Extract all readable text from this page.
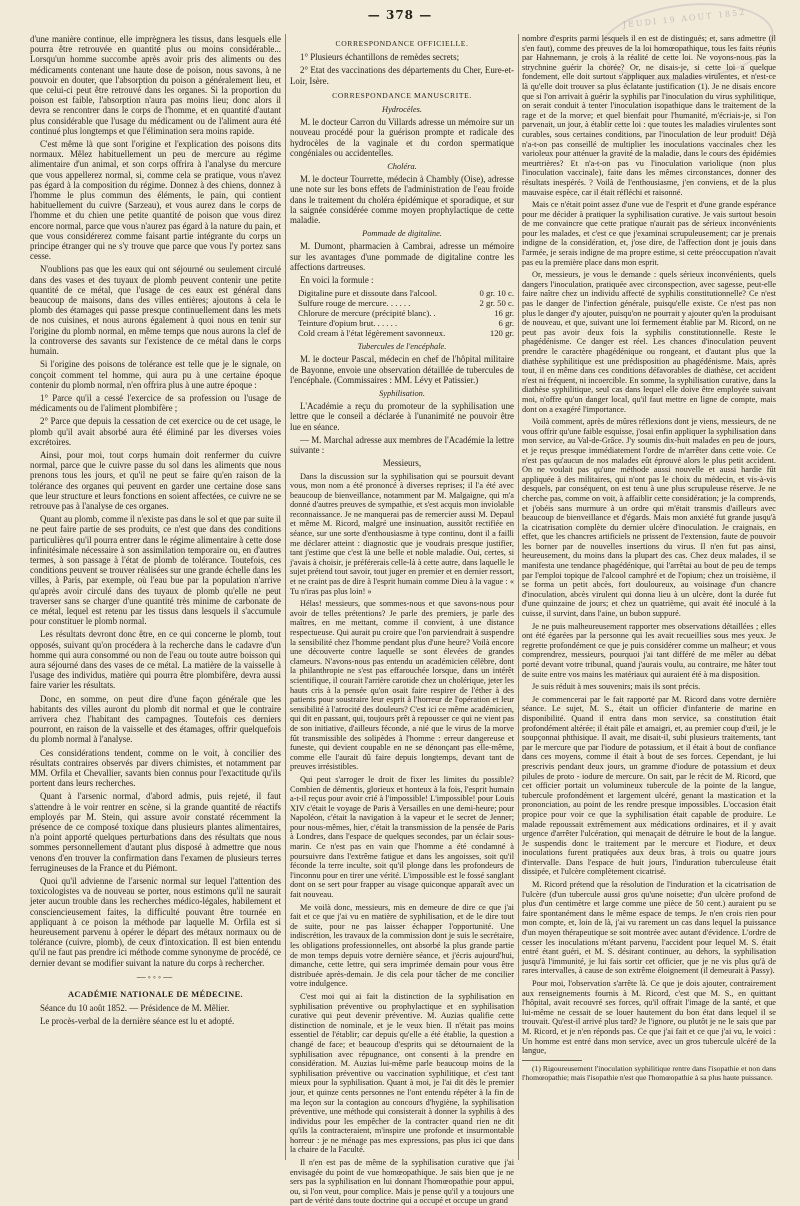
JEUDI 19 AOUT 1852
— 378 —

d'une manière continue, elle imprègnera les tissus, dans lesquels elle pourra être retrouvée en quantité plus ou moins considérable... Lorsqu'un homme succombe après avoir pris des aliments ou des médicaments contenant une haute dose de poison, nous savons, à ne pouvoir en douter, que l'absorption du poison a généralement lieu, et que celui-ci peut être retrouvé dans les organes. Si la proportion du poison est faible, l'absorption n'aura pas moins lieu; donc alors il devra se rencontrer dans le corps de l'homme, et en quantité d'autant plus considérable que l'usage du médicament ou de l'aliment aura été continué plus longtemps et que l'élimination sera moins rapide.

C'est même là que sont l'origine et l'explication des poisons dits normaux. Mêlez habituellement un peu de mercure au régime alimentaire d'un animal, et son corps offrira à l'analyse du mercure que vous appellerez normal, si, comme cela se pratique, vous n'avez pas égard à la composition du régime. Donnez à des chiens, donnez à l'homme le plus commun des éléments, le pain, qui contient habituellement du cuivre (Sarzeau), et vous aurez dans le corps de l'homme et du chien une petite quantité de poison que vous direz encore normal, parce que vous n'aurez pas égard à la nature du pain, et que vous considérerez comme faisant partie intégrante du corps un principe étranger qui ne s'y trouve que parce que vous l'y portez sans cesse.

N'oublions pas que les eaux qui ont séjourné ou seulement circulé dans des vases et des tuyaux de plomb peuvent contenir une petite quantité de ce métal, que l'usage de ces eaux est général dans beaucoup de maisons, dans des villes entières; ajoutons à cela le plomb des étamages qui passe presque continuellement dans les mets de nos cuisines, et nous aurons également à quoi nous en tenir sur l'origine du plomb normal, en même temps que nous aurons la clef de la controverse des savants sur l'existence de ce métal dans le corps humain.

Si l'origine des poisons de tolérance est telle que je le signale, on conçoit comment tel homme, qui aura pu à une certaine époque contenir du plomb normal, n'en offrira plus à une autre époque :

1° Parce qu'il a cessé l'exercice de sa profession ou l'usage de médicaments ou de l'aliment plombifère ;

2° Parce que depuis la cessation de cet exercice ou de cet usage, le plomb qu'il avait absorbé aura été éliminé par les diverses voies excrétoires.

Ainsi, pour moi, tout corps humain doit renfermer du cuivre normal, parce que le cuivre passe du sol dans les aliments que nous prenons tous les jours, et qu'il ne peut se faire qu'en raison de la tolérance des organes qui peuvent en garder une certaine dose sans que leur structure et leurs fonctions en soient affectées, ce cuivre ne se retrouve pas à l'analyse de ces organes.

Quant au plomb, comme il n'existe pas dans le sol et que par suite il ne peut faire partie de ses produits, ce n'est que dans des conditions particulières qu'il pourra entrer dans le régime alimentaire à cette dose infinitésimale nécessaire à son assimilation temporaire ou, en d'autres termes, à son passage à l'état de plomb de tolérance. Toutefois, ces conditions peuvent se trouver réalisées sur une grande échelle dans les villes, à Paris, par exemple, où l'eau bue par la population n'arrive qu'après avoir circulé dans des tuyaux de plomb qu'elle ne peut traverser sans se charger d'une quantité très minime de carbonate de ce métal, lequel est retenu par les tissus dans lesquels il s'accumule pour constituer le plomb normal.

Les résultats devront donc être, en ce qui concerne le plomb, tout opposés, suivant qu'on procédera à la recherche dans le cadavre d'un homme qui aura consommé ou non de l'eau ou toute autre boisson qui aura séjourné dans des vases de ce métal. La matière de la vaisselle à l'usage des individus, matière qui pourra être plombifère, devra aussi faire varier les résultats.

Donc, en somme, on peut dire d'une façon générale que les habitants des villes auront du plomb dit normal et que le contraire arrivera chez l'habitant des campagnes. Toutefois ces derniers pourront, en raison de la vaisselle et des étamages, offrir quelquefois du plomb normal à l'analyse.

Ces considérations tendent, comme on le voit, à concilier des résultats contraires observés par divers chimistes, et notamment par MM. Orfila et Chevallier, savants bien connus pour l'exactitude qu'ils portent dans leurs recherches.

Quant à l'arsenic normal, d'abord admis, puis rejeté, il faut s'attendre à le voir rentrer en scène, si la grande quantité de réactifs employés par M. Stein, qui assure avoir constaté récemment la présence de ce composé toxique dans plusieurs plantes alimentaires, n'a point apporté quelques perturbations dans des résultats que nous sommes personnellement d'autant plus disposé à admettre que nous venons d'en trouver la confirmation dans l'examen de plusieurs terres ferrugineuses de la France et du Piémont.

Quoi qu'il advienne de l'arsenic normal sur lequel l'attention des toxicologistes va de nouveau se porter, nous estimons qu'il ne saurait jeter aucun trouble dans les recherches médico-légales, habilement et consciencieusement faites, la difficulté pouvant être tournée en appliquant à ce poison la méthode par laquelle M. Orfila est si heureusement parvenu à opérer le départ des métaux normaux ou de tolérance (cuivre, plomb), de ceux d'intoxication. Il est bien entendu qu'il ne faut pas prendre ici méthode comme synonyme de procédé, ce dernier devant se modifier suivant la nature du corps à rechercher.

—◦◦◦—

ACADÉMIE NATIONALE DE MÉDECINE.

Séance du 10 août 1852. — Présidence de M. Mêlier.

Le procès-verbal de la dernière séance est lu et adopté.

CORRESPONDANCE OFFICIELLE.

1° Plusieurs échantillons de remèdes secrets;

2° Etat des vaccinations des départements du Cher, Eure-et-Loir, Isère.

CORRESPONDANCE MANUSCRITE.

Hydrocèles.

M. le docteur Carron du Villards adresse un mémoire sur un nouveau procédé pour la guérison prompte et radicale des hydrocèles de la vaginale et du cordon spermatique congéniales ou accidentelles.

Choléra.

M. le docteur Tourrette, médecin à Chambly (Oise), adresse une note sur les bons effets de l'administration de l'eau froide dans le traitement du choléra épidémique et sporadique, et sur la saignée considérée comme moyen prophylactique de cette maladie.

Pommade de digitaline.

M. Dumont, pharmacien à Cambrai, adresse un mémoire sur les avantages d'une pommade de digitaline contre les affections dartreuses.

En voici la formule :

Digitaline pure et dissoute dans l'alcool.	0 gr. 10 c.
Sulfure rouge de mercure. . . . . .	2 gr. 50 c.
Chlorure de mercure (précipité blanc). .	16 gr.
Teinture d'opium brut. . . . . .	6 gr.
Cold cream à l'état légèrement savonneux.	120 gr.

Tubercules de l'encéphale.

M. le docteur Pascal, médecin en chef de l'hôpital militaire de Bayonne, envoie une observation détaillée de tubercules de l'encéphale. (Commissaires : MM. Lévy et Patissier.)

Syphilisation.

L'Académie a reçu du promoteur de la syphilisation une lettre que le conseil a déclarée à l'unanimité ne pouvoir être lue en séance.

— M. Marchal adresse aux membres de l'Académie la lettre suivante :

Messieurs,

Dans la discussion sur la syphilisation qui se poursuit devant vous, mon nom a été prononcé à diverses reprises; il l'a été avec beaucoup de bienveillance, notamment par M. Malgaigne, qui m'a donné d'autres preuves de sympathie, et s'est acquis mon inviolable reconnaissance. Je ne manquerai pas de remercier aussi M. Depaul et même M. Ricord, malgré une insinuation, aussitôt rectifiée en séance, sur une sorte d'enthousiasme à type continu, dont il a failli me déclarer atteint : diagnostic que je voudrais presque justifier, tant j'estime que c'est là une belle et noble maladie. Oui, certes, si j'avais à choisir, je préférerais celle-là à cette autre, dans laquelle le sujet prétend tout savoir, tout juger en premier et en dernier ressort, et ne craint pas de dire à l'esprit humain comme Dieu à la vague : « Tu n'iras pas plus loin! »

Hélas! messieurs, que sommes-nous et que savons-nous pour avoir de telles prétentions? Je parle des premiers, je parle des maîtres, en me mettant, comme il convient, à une distance respectueuse. Qui aurait pu croire que l'on parviendrait à suspendre la sensibilité chez l'homme pendant plus d'une heure? Voilà encore une découverte contre laquelle se sont élevées de grandes clameurs. N'avons-nous pas entendu un académicien célèbre, dont la philanthropie ne s'est pas effarouchée lorsque, dans un intérêt scientifique, il courait l'arrière carotide chez un cholérique, jeter les hauts cris à la pensée qu'on osait faire respirer de l'éther à des patients pour soustraire leur esprit à l'horreur de l'opération et leur sensibilité à l'atrocité des douleurs? C'est ici ce même académicien, qui dit en passant, qui, toujours prêt à repousser ce qui ne vient pas de son initiative, d'ailleurs féconde, a nié que le virus de la morve fût transmissible des solipèdes à l'homme : erreur dangereuse et funeste, qui devient coupable en ne se dénonçant pas elle-même, comme elle l'aurait dû faire depuis longtemps, devant tant de preuves irrésistibles.

Qui peut s'arroger le droit de fixer les limites du possible? Combien de démentis, glorieux et honteux à la fois, l'esprit humain a-t-il reçus pour avoir crié à l'impossible! L'impossible! pour Louis XIV c'était le voyage de Paris à Versailles en une demi-heure; pour Napoléon, c'était la navigation à la vapeur et le secret de Jenner; pour nous-mêmes, hier, c'était la transmission de la pensée de Paris à Londres, dans l'espace de quelques secondes, par un éclair sous-marin. Ce n'est pas en vain que l'homme a été condamné à poursuivre dans l'extrême fatigue et dans les angoisses, soit qu'il féconde la terre inculte, soit qu'il plonge dans les profondeurs de l'inconnu pour en tirer une vérité. L'impossible est le fossé sanglant dont on se sert pour frapper au visage quiconque apparaît avec un fait nouveau.

Me voilà donc, messieurs, mis en demeure de dire ce que j'ai fait et ce que j'ai vu en matière de syphilisation, et de le dire tout de suite, pour ne pas laisser échapper l'opportunité. Une indiscrétion, les travaux de la commission dont je suis le secrétaire, les obligations professionnelles, ont absorbé la plus grande partie de mon temps depuis votre dernière séance, et j'écris aujourd'hui, dimanche, cette lettre, qui sera imprimée demain pour vous être distribuée après-demain. Je dis cela pour tâcher de me concilier votre indulgence.

C'est moi qui ai fait la distinction de la syphilisation en syphilisation préventive ou prophylactique et en syphilisation curative qui peut devenir préventive. M. Auzias qualifie cette distinction de nominale, et je le veux bien. Il n'était pas moins essentiel de l'établir; car depuis qu'elle a été établie, la question a changé de face; et beaucoup d'esprits qui se détournaient de la syphilisation avec répugnance, ont consenti à la prendre en considération. M. Auzias lui-même parle beaucoup moins de la syphilisation préventive ou vaccination syphilitique, et c'est tant mieux pour la syphilisation. Quant à moi, je l'ai dit dès le premier jour, et quinze cents personnes ne l'ont entendu répéter à la fin de ma leçon sur la contagion au concours d'hygiène, la syphilisation préventive, une méthode qui consisterait à donner la syphilis à des individus pour les empêcher de la contracter quand rien ne dit qu'ils la contracteraient, m'inspire une profonde et insurmontable horreur : je ne ménage pas mes expressions, pas plus ici que dans la chaire de la Faculté.

Il n'en est pas de même de la syphilisation curative que j'ai envisagée du point de vue homœopathique. Je sais bien que je ne sers pas la syphilisation en lui donnant l'homœopathie pour appui, ou, si l'on veut, pour complice. Mais je pense qu'il y a toujours une part de vérité dans toute doctrine qui a occupé et occupe un grand

nombre d'esprits parmi lesquels il en est de distingués; et, sans admettre (il s'en faut), comme des preuves de la loi homœopathique, tous les faits réunis par Hahnemann, je crois à la réalité de cette loi. Ne voyons-nous pas la strychnine guérir la chorée? Or, ne disais-je, si cette loi a quelque fondement, elle doit surtout s'appliquer aux maladies virulentes, et n'est-ce là qu'elle doit trouver sa plus éclatante justification (1). Je ne disais encore que si l'on arrivait à guérir la syphilis par l'inoculation du virus syphilitique, on serait conduit à tenter l'inoculation isopathique dans le traitement de la rage et de la morve; et quel bienfait pour l'humanité, m'écriais-je, si l'on parvenait, un jour, à établir cette loi : que toutes les maladies virulentes sont curables, sous certaines conditions, par l'inoculation de leur produit! Déjà n'a-t-on pas conseillé de multiplier les inoculations vaccinales chez les varioleux pour atténuer la gravité de la maladie, dans le cours des épidémies meurtrières? Et n'a-t-on pas vu l'inoculation variolique (non plus l'inoculation vaccinale), faite dans les mêmes circonstances, donner des résultats inespérés. ? Voilà de l'enthousiasme, j'en conviens, et de la plus mauvaise espèce, car il était réfléchi et raisonné.

Mais ce n'était point assez d'une vue de l'esprit et d'une grande espérance pour me décider à pratiquer la syphilisation curative. Je vais surtout besoin de me convaincre que cette pratique n'aurait pas de sérieux inconvénients pour les malades, et c'est ce que j'examinai scrupuleusement; car je prenais indigne de la considération, et, j'ose dire, de l'affection dont je jouis dans l'armée, je serais indigne de ma propre estime, si cette préoccupation n'avait pas eu la première place dans mon esprit.

Or, messieurs, je vous le demande : quels sérieux inconvénients, quels dangers l'inoculation, pratiquée avec circonspection, avec sagesse, peut-elle faire naître chez un individu affecté de syphilis constitutionnelle? Ce n'est pas le danger de l'infection générale, puisqu'elle existe. Ce n'est pas non plus le danger d'y ajouter, puisqu'on ne pourrait y ajouter qu'en la produisant de nouveau, et que, suivant une loi fermement établie par M. Ricord, on ne peut pas avoir deux fois la syphilis constitutionnelle. Reste le phagédénisme. Ce danger est réel. Les chances d'inoculation peuvent prendre le caractère phagédénique ou rongeant, et d'autant plus que la diathèse syphilitique est une prédisposition au phagédénisme. Mais, après tout, il en même dans ces conditions défavorables de diathèse, cet accident n'est ni fréquent, ni incoercible. En somme, la syphilisation curative, dans la diathèse syphilitique, seul cas dans lequel elle doive être employée suivant moi, n'offre qu'un danger local, qu'il faut mettre en ligne de compte, mais dont on a exagéré l'importance.

Voilà comment, après de mûres réflexions dont je viens, messieurs, de ne vous offrir qu'une faible esquisse, j'osai enfin appliquer la syphilisation dans mon service, au Val-de-Grâce. J'y soumis dix-huit malades en peu de jours, et je reçus presque immédiatement l'ordre de m'arrêter dans cette voie. Ce n'est pas qu'aucun de nos malades eût éprouvé alors le plus petit accident. On ne voulait pas qu'une méthode aussi nouvelle et aussi hardie fût appliquée à des militaires, qui n'ont pas le choix du médecin, et vis-à-vis desquels, par conséquent, on est tenu à une plus scrupuleuse réserve. Je ne cherche pas, comme on voit, à affaiblir cette considération; je la comprends, et j'obéis sans murmure à un ordre qui m'était transmis d'ailleurs avec beaucoup de bienveillance et d'égards. Mais mon anxiété fut grande jusqu'à la cicatrisation complète du dernier ulcère d'inoculation. Je craignais, en effet, que les chancres artificiels ne prissent de l'extension, faute de pouvoir les borner par de nouvelles insertions du virus. Il n'en fut pas ainsi, heureusement, du moins dans la plupart des cas. Chez deux malades, il se manifesta une tendance phagédénique, qui l'arrêtai au bout de peu de temps par l'emploi topique de l'alcool camphré et de l'opium; chez un troisième, il se forma un petit abcès, fort douloureux, au voisinage d'un chancre d'inoculation, abcès virulent qui donna lieu à un ulcère, dont la durée fut d'une quinzaine de jours; et chez un quatrième, qui avait été inoculé à la cuisse, il survint, dans l'aine, un bubon suppuré.

Je ne puis malheureusement rapporter mes observations détaillées ; elles ont été égarées par la personne qui les avait recueillies sous mes yeux. Je regrette profondément ce que je puis considérer comme un malheur; et vous comprendrez, messieurs, pourquoi j'ai tant différé de me mêler au débat porté devant votre tribunal, quand j'aurais voulu, au contraire, me hâter tout de suite entre vos mains les matériaux qui auraient été à ma disposition.

Je suis réduit à mes souvenirs; mais ils sont précis.

Je commencerai par le fait rapporté par M. Ricord dans votre dernière séance. Le sujet, M. S., était un officier d'infanterie de marine en disponibilité. Quand il entra dans mon service, sa constitution était profondément altérée; il était pâle et amaigri, et, au premier coup d'œil, je le soupçonnai phthisique. Il avait, me disait-il, subi plusieurs traitements, tant par le mercure que par l'iodure de potassium, et il était à bout de confiance dans ces moyens, comme il était à bout de ses forces. Cependant, je lui prescrivis pendant deux jours, un gramme d'iodure de potassium et deux pilules de proto - iodure de mercure. On sait, par le récit de M. Ricord, que cet officier portait un volumineux tubercule de la pointe de la langue, tubercule profondément et largement ulcéré, genant la mastication et la prononciation, au point de les rendre presque impossibles. L'occasion était propice pour voir ce que la syphilisation était capable de produire. Le malade repoussait extrêmement aux médications ordinaires, et il y avait urgence d'arrêter l'ulcération, qui menaçait de détruire le bout de la langue. Je suspendis donc le traitement par le mercure et l'iodure, et deux inoculations furent pratiquées aux deux bras, à trois ou quatre jours d'intervalle. Dans l'espace de huit jours, l'induration tuberculeuse était dissipée, et l'ulcère complètement cicatrisé.

M. Ricord prétend que la résolution de l'induration et la cicatrisation de l'ulcère (d'un tubercule aussi gros qu'une noisette; d'un ulcère profond de plus d'un centimètre et large comme une pièce de 50 cent.) auraient pu se faire spontanément dans le même espace de temps. Je n'en crois rien pour mon compte, et, loin de là, j'ai vu rarement un cas dans lequel la puissance d'un moyen thérapeutique se soit montrée avec autant d'évidence. L'ordre de cesser les inoculations m'étant parvenu, l'accident pour lequel M. S. était entré étant guéri, et M. S. désirant continuer, au dehors, la syphilisation jusqu'à l'immunité, je lui fais sortir cet officier, que je ne vis plus qu'à de rares intervalles, à cause de son extrême éloignement (il demeurait à Passy).

Pour moi, l'observation s'arrête là. Ce que je dois ajouter, contrairement aux renseignements fournis à M. Ricord, c'est que M. S., en quittant l'hôpital, avait recouvré ses forces, qu'il offrait l'image de la santé, et que lui-même ne cessait de se louer hautement du bon état dans lequel il se trouvait. Qu'est-il arrivé plus tard? Je l'ignore, ou plutôt je ne le sais que par M. Ricord, et je n'en réponds pas. Ce que j'ai fait et ce que j'ai vu, le voici : Un homme est entré dans mon service, avec un gros tubercule ulcéré de la langue,

(1) Rigoureusement l'inoculation syphilitique rentre dans l'isopathie et non dans l'homœopathie; mais l'isopathie n'est que l'homœopathie à sa plus haute puissance.
